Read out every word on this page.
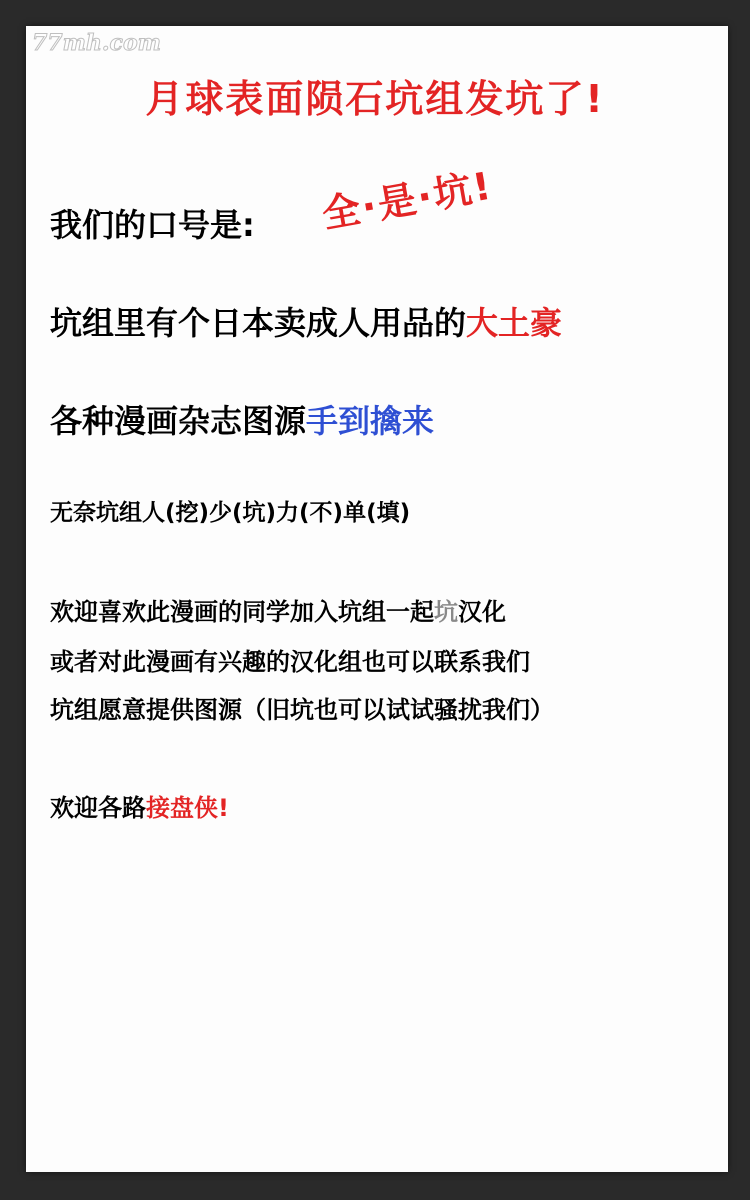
77mh.com
月球表面陨石坑组发坑了!
我们的口号是: 全·是·坑!
坑组里有个日本卖成人用品的大土豪
各种漫画杂志图源手到擒来
无奈坑组人(挖)少(坑)力(不)单(填)
欢迎喜欢此漫画的同学加入坑组一起坑汉化
或者对此漫画有兴趣的汉化组也可以联系我们
坑组愿意提供图源（旧坑也可以试试骚扰我们）
欢迎各路接盘侠!
